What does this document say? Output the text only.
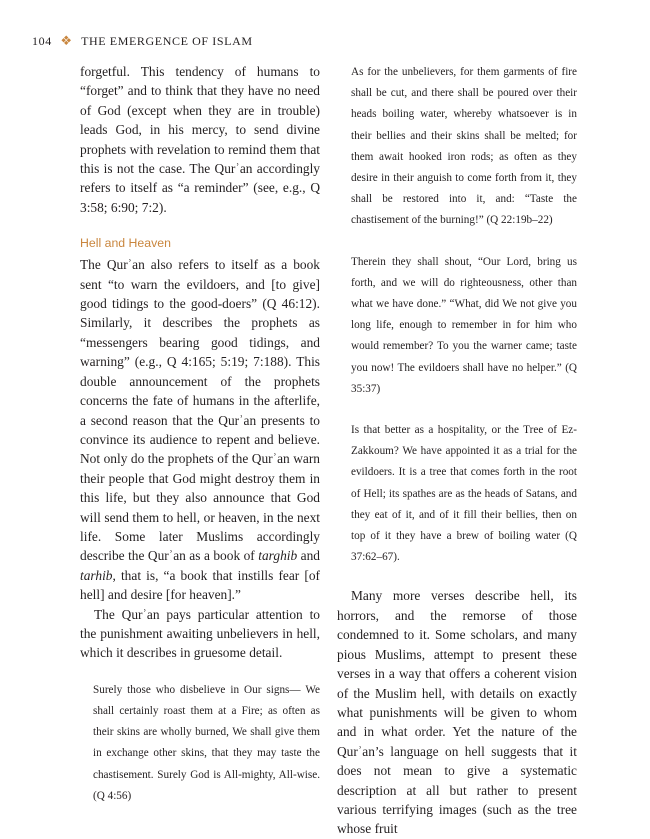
104 ❖ THE EMERGENCE OF ISLAM

forgetful. This tendency of humans to “forget” and to think that they have no need of God (except when they are in trouble) leads God, in his mercy, to send divine prophets with revelation to remind them that this is not the case. The Qurʾan accordingly refers to itself as “a reminder” (see, e.g., Q 3:58; 6:90; 7:2).

Hell and Heaven

The Qurʾan also refers to itself as a book sent “to warn the evildoers, and [to give] good tidings to the good-doers” (Q 46:12). Similarly, it describes the prophets as “messengers bearing good tidings, and warning” (e.g., Q 4:165; 5:19; 7:188). This double announcement of the prophets concerns the fate of humans in the afterlife, a second reason that the Qurʾan presents to convince its audience to repent and believe. Not only do the prophets of the Qurʾan warn their people that God might destroy them in this life, but they also announce that God will send them to hell, or heaven, in the next life. Some later Muslims accordingly describe the Qurʾan as a book of targhib and tarhib, that is, “a book that instills fear [of hell] and desire [for heaven].”

The Qurʾan pays particular attention to the punishment awaiting unbelievers in hell, which it describes in gruesome detail.

Surely those who disbelieve in Our signs— We shall certainly roast them at a Fire; as often as their skins are wholly burned, We shall give them in exchange other skins, that they may taste the chastisement. Surely God is All-mighty, All-wise. (Q 4:56)

As for the unbelievers, for them garments of fire shall be cut, and there shall be poured over their heads boiling water, whereby whatsoever is in their bellies and their skins shall be melted; for them await hooked iron rods; as often as they desire in their anguish to come forth from it, they shall be restored into it, and: “Taste the chastisement of the burning!” (Q 22:19b–22)

Therein they shall shout, “Our Lord, bring us forth, and we will do righteousness, other than what we have done.” “What, did We not give you long life, enough to remember in for him who would remember? To you the warner came; taste you now! The evildoers shall have no helper.” (Q 35:37)

Is that better as a hospitality, or the Tree of Ez-Zakkoum? We have appointed it as a trial for the evildoers. It is a tree that comes forth in the root of Hell; its spathes are as the heads of Satans, and they eat of it, and of it fill their bellies, then on top of it they have a brew of boiling water (Q 37:62–67).

Many more verses describe hell, its horrors, and the remorse of those condemned to it. Some scholars, and many pious Muslims, attempt to present these verses in a way that offers a coherent vision of the Muslim hell, with details on exactly what punishments will be given to whom and in what order. Yet the nature of the Qurʾan’s language on hell suggests that it does not mean to give a systematic description at all but rather to present various terrifying images (such as the tree whose fruit
